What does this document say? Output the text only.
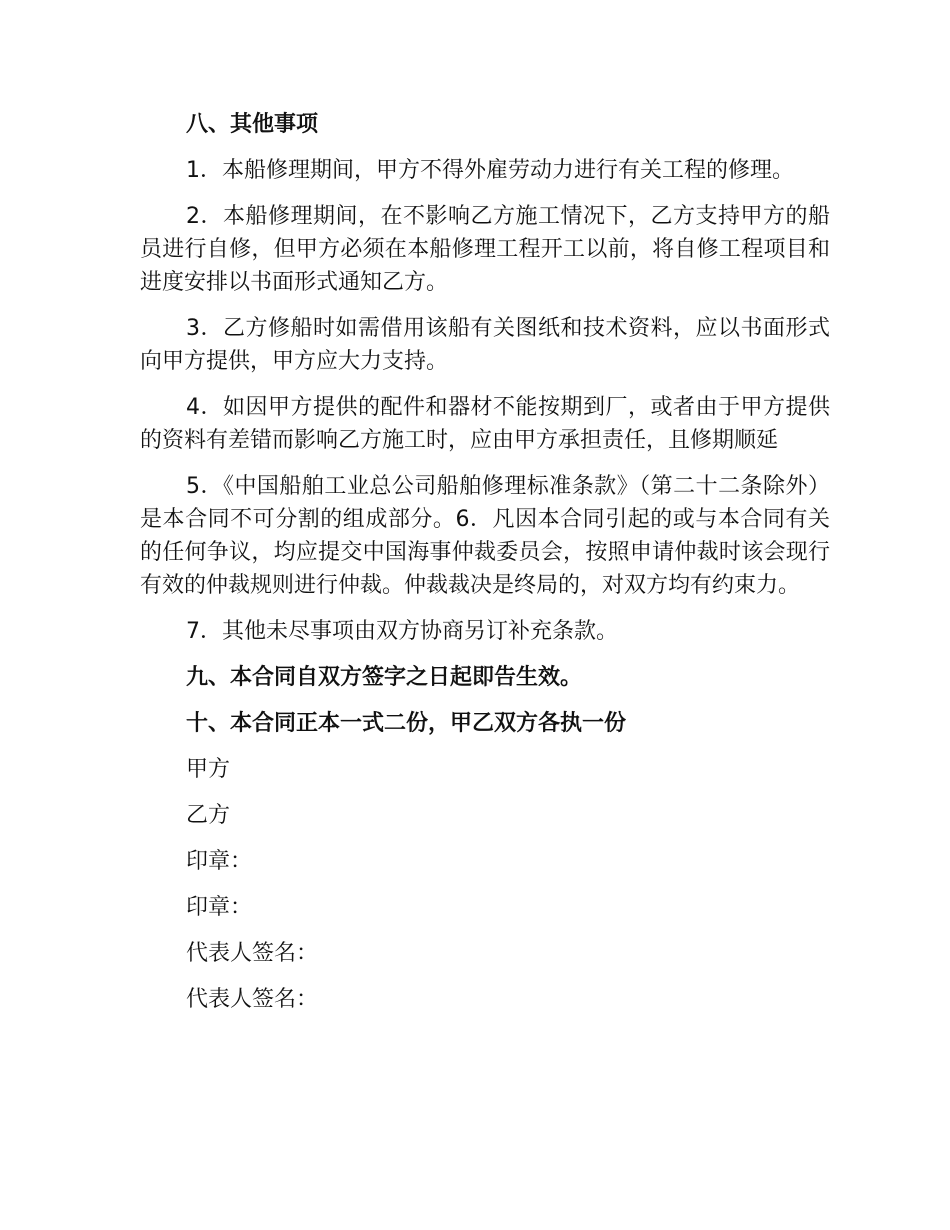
八、其他事项

1．本船修理期间，甲方不得外雇劳动力进行有关工程的修理。

2．本船修理期间，在不影响乙方施工情况下，乙方支持甲方的船员进行自修，但甲方必须在本船修理工程开工以前，将自修工程项目和进度安排以书面形式通知乙方。

3．乙方修船时如需借用该船有关图纸和技术资料，应以书面形式向甲方提供，甲方应大力支持。

4．如因甲方提供的配件和器材不能按期到厂，或者由于甲方提供的资料有差错而影响乙方施工时，应由甲方承担责任，且修期顺延

5．《中国船舶工业总公司船舶修理标准条款》（第二十二条除外）是本合同不可分割的组成部分。6．凡因本合同引起的或与本合同有关的任何争议，均应提交中国海事仲裁委员会，按照申请仲裁时该会现行有效的仲裁规则进行仲裁。仲裁裁决是终局的，对双方均有约束力。

7．其他未尽事项由双方协商另订补充条款。

九、本合同自双方签字之日起即告生效。

十、本合同正本一式二份，甲乙双方各执一份

甲方

乙方

印章：

印章：

代表人签名：

代表人签名：
